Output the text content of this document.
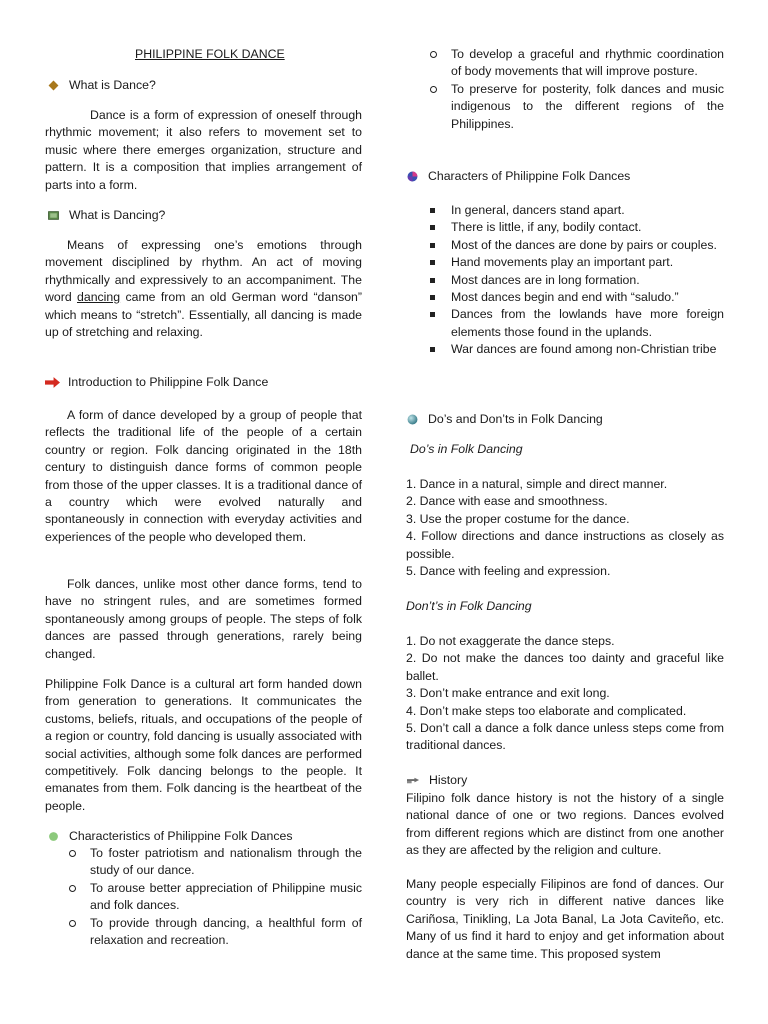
PHILIPPINE FOLK DANCE
What is Dance?

Dance is a form of expression of oneself through rhythmic movement; it also refers to movement set to music where there emerges organization, structure and pattern. It is a composition that implies arrangement of parts into a form.

What is Dancing?

Means of expressing one’s emotions through movement disciplined by rhythm. An act of moving rhythmically and expressively to an accompaniment. The word dancing came from an old German word “danson” which means to “stretch”. Essentially, all dancing is made up of stretching and relaxing.

Introduction to Philippine Folk Dance

A form of dance developed by a group of people that reflects the traditional life of the people of a certain country or region. Folk dancing originated in the 18th century to distinguish dance forms of common people from those of the upper classes. It is a traditional dance of a country which were evolved naturally and spontaneously in connection with everyday activities and experiences of the people who developed them.

Folk dances, unlike most other dance forms, tend to have no stringent rules, and are sometimes formed spontaneously among groups of people. The steps of folk dances are passed through generations, rarely being changed.

Philippine Folk Dance is a cultural art form handed down from generation to generations. It communicates the customs, beliefs, rituals, and occupations of the people of a region or country, fold dancing is usually associated with social activities, although some folk dances are performed competitively. Folk dancing belongs to the people. It emanates from them. Folk dancing is the heartbeat of the people.

Characteristics of Philippine Folk Dances
To foster patriotism and nationalism through the study of our dance.
To arouse better appreciation of Philippine music and folk dances.
To provide through dancing, a healthful form of relaxation and recreation.
To develop a graceful and rhythmic coordination of body movements that will improve posture.
To preserve for posterity, folk dances and music indigenous to the different regions of the Philippines.
Characters of Philippine Folk Dances
In general, dancers stand apart.
There is little, if any, bodily contact.
Most of the dances are done by pairs or couples.
Hand movements play an important part.
Most dances are in long formation.
Most dances begin and end with “saludo.”
Dances from the lowlands have more foreign elements those found in the uplands.
War dances are found among non-Christian tribe
Do’s and Don’ts in Folk Dancing

Do’s in Folk Dancing

1. Dance in a natural, simple and direct manner.
2. Dance with ease and smoothness.
3. Use the proper costume for the dance.
4. Follow directions and dance instructions as closely as possible.
5. Dance with feeling and expression.

Don’t’s in Folk Dancing

1. Do not exaggerate the dance steps.
2. Do not make the dances too dainty and graceful like ballet.
3. Don’t make entrance and exit long.
4. Don’t make steps too elaborate and complicated.
5. Don’t call a dance a folk dance unless steps come from traditional dances.
History

Filipino folk dance history is not the history of a single national dance of one or two regions. Dances evolved from different regions which are distinct from one another as they are affected by the religion and culture.

Many people especially Filipinos are fond of dances. Our country is very rich in different native dances like Cariñosa, Tinikling, La Jota Banal, La Jota Caviteño, etc. Many of us find it hard to enjoy and get information about dance at the same time. This proposed system
